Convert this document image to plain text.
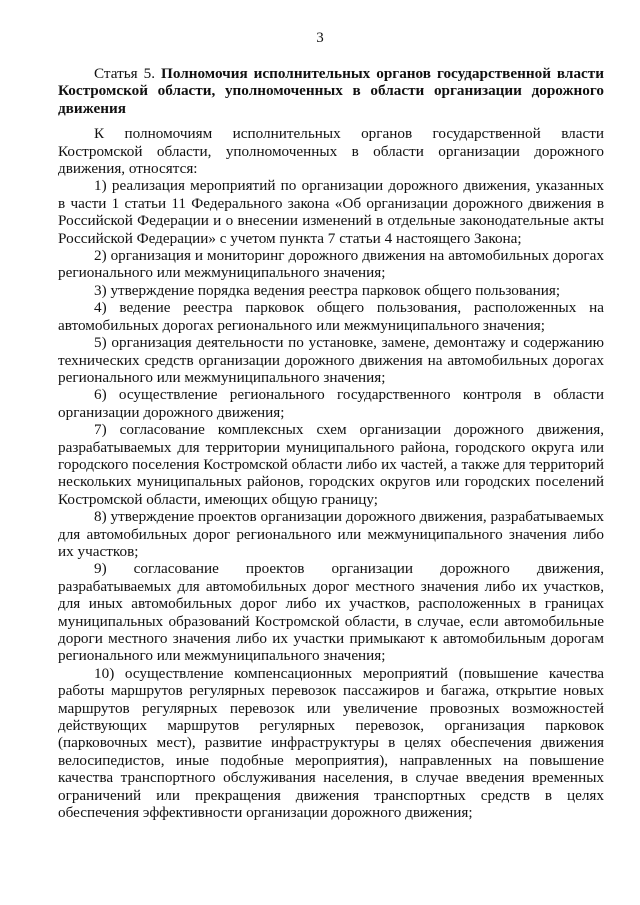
3

Статья 5. Полномочия исполнительных органов государственной власти Костромской области, уполномоченных в области организации дорожного движения

К полномочиям исполнительных органов государственной власти Костромской области, уполномоченных в области организации дорожного движения, относятся:

1) реализация мероприятий по организации дорожного движения, указанных в части 1 статьи 11 Федерального закона «Об организации дорожного движения в Российской Федерации и о внесении изменений в отдельные законодательные акты Российской Федерации» с учетом пункта 7 статьи 4 настоящего Закона;

2) организация и мониторинг дорожного движения на автомобильных дорогах регионального или межмуниципального значения;

3) утверждение порядка ведения реестра парковок общего пользования;

4) ведение реестра парковок общего пользования, расположенных на автомобильных дорогах регионального или межмуниципального значения;

5) организация деятельности по установке, замене, демонтажу и содержанию технических средств организации дорожного движения на автомобильных дорогах регионального или межмуниципального значения;

6) осуществление регионального государственного контроля в области организации дорожного движения;

7) согласование комплексных схем организации дорожного движения, разрабатываемых для территории муниципального района, городского округа или городского поселения Костромской области либо их частей, а также для территорий нескольких муниципальных районов, городских округов или городских поселений Костромской области, имеющих общую границу;

8) утверждение проектов организации дорожного движения, разрабатываемых для автомобильных дорог регионального или межмуниципального значения либо их участков;

9) согласование проектов организации дорожного движения, разрабатываемых для автомобильных дорог местного значения либо их участков, для иных автомобильных дорог либо их участков, расположенных в границах муниципальных образований Костромской области, в случае, если автомобильные дороги местного значения либо их участки примыкают к автомобильным дорогам регионального или межмуниципального значения;

10) осуществление компенсационных мероприятий (повышение качества работы маршрутов регулярных перевозок пассажиров и багажа, открытие новых маршрутов регулярных перевозок или увеличение провозных возможностей действующих маршрутов регулярных перевозок, организация парковок (парковочных мест), развитие инфраструктуры в целях обеспечения движения велосипедистов, иные подобные мероприятия), направленных на повышение качества транспортного обслуживания населения, в случае введения временных ограничений или прекращения движения транспортных средств в целях обеспечения эффективности организации дорожного движения;
